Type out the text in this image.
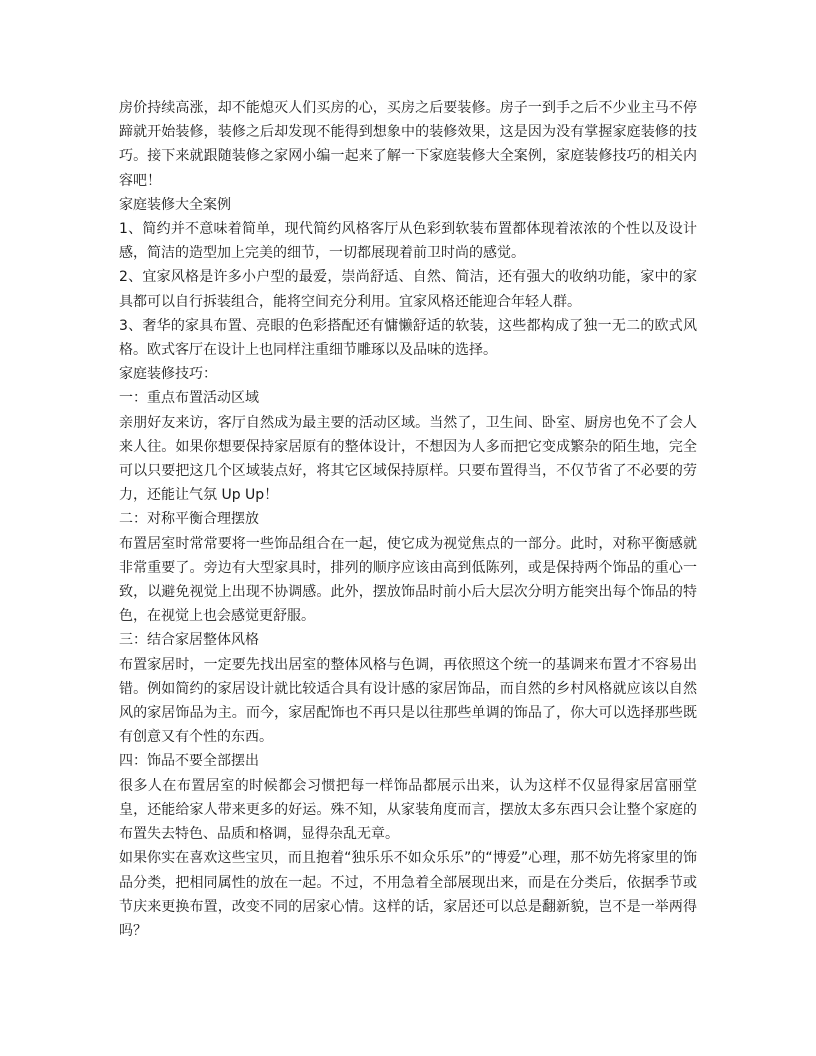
房价持续高涨，却不能熄灭人们买房的心，买房之后要装修。房子一到手之后不少业主马不停蹄就开始装修，装修之后却发现不能得到想象中的装修效果，这是因为没有掌握家庭装修的技巧。接下来就跟随装修之家网小编一起来了解一下家庭装修大全案例，家庭装修技巧的相关内容吧！

家庭装修大全案例

1、简约并不意味着简单，现代简约风格客厅从色彩到软装布置都体现着浓浓的个性以及设计感，简洁的造型加上完美的细节，一切都展现着前卫时尚的感觉。

2、宜家风格是许多小户型的最爱，崇尚舒适、自然、简洁，还有强大的收纳功能，家中的家具都可以自行拆装组合，能将空间充分利用。宜家风格还能迎合年轻人群。

3、奢华的家具布置、亮眼的色彩搭配还有慵懒舒适的软装，这些都构成了独一无二的欧式风格。欧式客厅在设计上也同样注重细节雕琢以及品味的选择。

家庭装修技巧：

一：重点布置活动区域

亲朋好友来访，客厅自然成为最主要的活动区域。当然了，卫生间、卧室、厨房也免不了会人来人往。如果你想要保持家居原有的整体设计，不想因为人多而把它变成繁杂的陌生地，完全可以只要把这几个区域装点好，将其它区域保持原样。只要布置得当，不仅节省了不必要的劳力，还能让气氛 Up Up！

二：对称平衡合理摆放

布置居室时常常要将一些饰品组合在一起，使它成为视觉焦点的一部分。此时，对称平衡感就非常重要了。旁边有大型家具时，排列的顺序应该由高到低陈列，或是保持两个饰品的重心一致，以避免视觉上出现不协调感。此外，摆放饰品时前小后大层次分明方能突出每个饰品的特色，在视觉上也会感觉更舒服。

三：结合家居整体风格

布置家居时，一定要先找出居室的整体风格与色调，再依照这个统一的基调来布置才不容易出错。例如简约的家居设计就比较适合具有设计感的家居饰品，而自然的乡村风格就应该以自然风的家居饰品为主。而今，家居配饰也不再只是以往那些单调的饰品了，你大可以选择那些既有创意又有个性的东西。

四：饰品不要全部摆出

很多人在布置居室的时候都会习惯把每一样饰品都展示出来，认为这样不仅显得家居富丽堂皇，还能给家人带来更多的好运。殊不知，从家装角度而言，摆放太多东西只会让整个家庭的布置失去特色、品质和格调，显得杂乱无章。

如果你实在喜欢这些宝贝，而且抱着“独乐乐不如众乐乐”的“博爱”心理，那不妨先将家里的饰品分类，把相同属性的放在一起。不过，不用急着全部展现出来，而是在分类后，依据季节或节庆来更换布置，改变不同的居家心情。这样的话，家居还可以总是翻新貌，岂不是一举两得吗？
